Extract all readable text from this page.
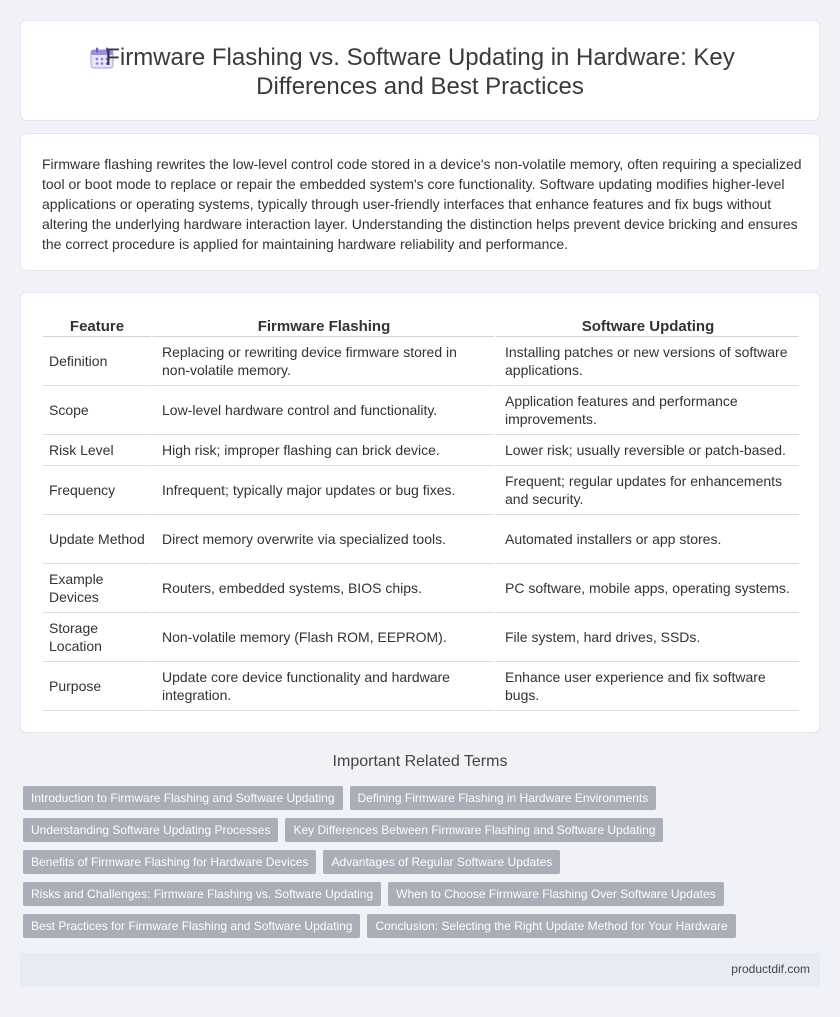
Firmware Flashing vs. Software Updating in Hardware: Key Differences and Best Practices

Firmware flashing rewrites the low-level control code stored in a device's non-volatile memory, often requiring a specialized tool or boot mode to replace or repair the embedded system's core functionality. Software updating modifies higher-level applications or operating systems, typically through user-friendly interfaces that enhance features and fix bugs without altering the underlying hardware interaction layer. Understanding the distinction helps prevent device bricking and ensures the correct procedure is applied for maintaining hardware reliability and performance.

Feature	Firmware Flashing	Software Updating
Definition	Replacing or rewriting device firmware stored in non-volatile memory.	Installing patches or new versions of software applications.
Scope	Low-level hardware control and functionality.	Application features and performance improvements.
Risk Level	High risk; improper flashing can brick device.	Lower risk; usually reversible or patch-based.
Frequency	Infrequent; typically major updates or bug fixes.	Frequent; regular updates for enhancements and security.
Update Method	Direct memory overwrite via specialized tools.	Automated installers or app stores.
Example Devices	Routers, embedded systems, BIOS chips.	PC software, mobile apps, operating systems.
Storage Location	Non-volatile memory (Flash ROM, EEPROM).	File system, hard drives, SSDs.
Purpose	Update core device functionality and hardware integration.	Enhance user experience and fix software bugs.
Important Related Terms
Introduction to Firmware Flashing and Software Updating	Defining Firmware Flashing in Hardware Environments
Understanding Software Updating Processes	Key Differences Between Firmware Flashing and Software Updating
Benefits of Firmware Flashing for Hardware Devices	Advantages of Regular Software Updates
Risks and Challenges: Firmware Flashing vs. Software Updating	When to Choose Firmware Flashing Over Software Updates
Best Practices for Firmware Flashing and Software Updating	Conclusion: Selecting the Right Update Method for Your Hardware
productdif.com
